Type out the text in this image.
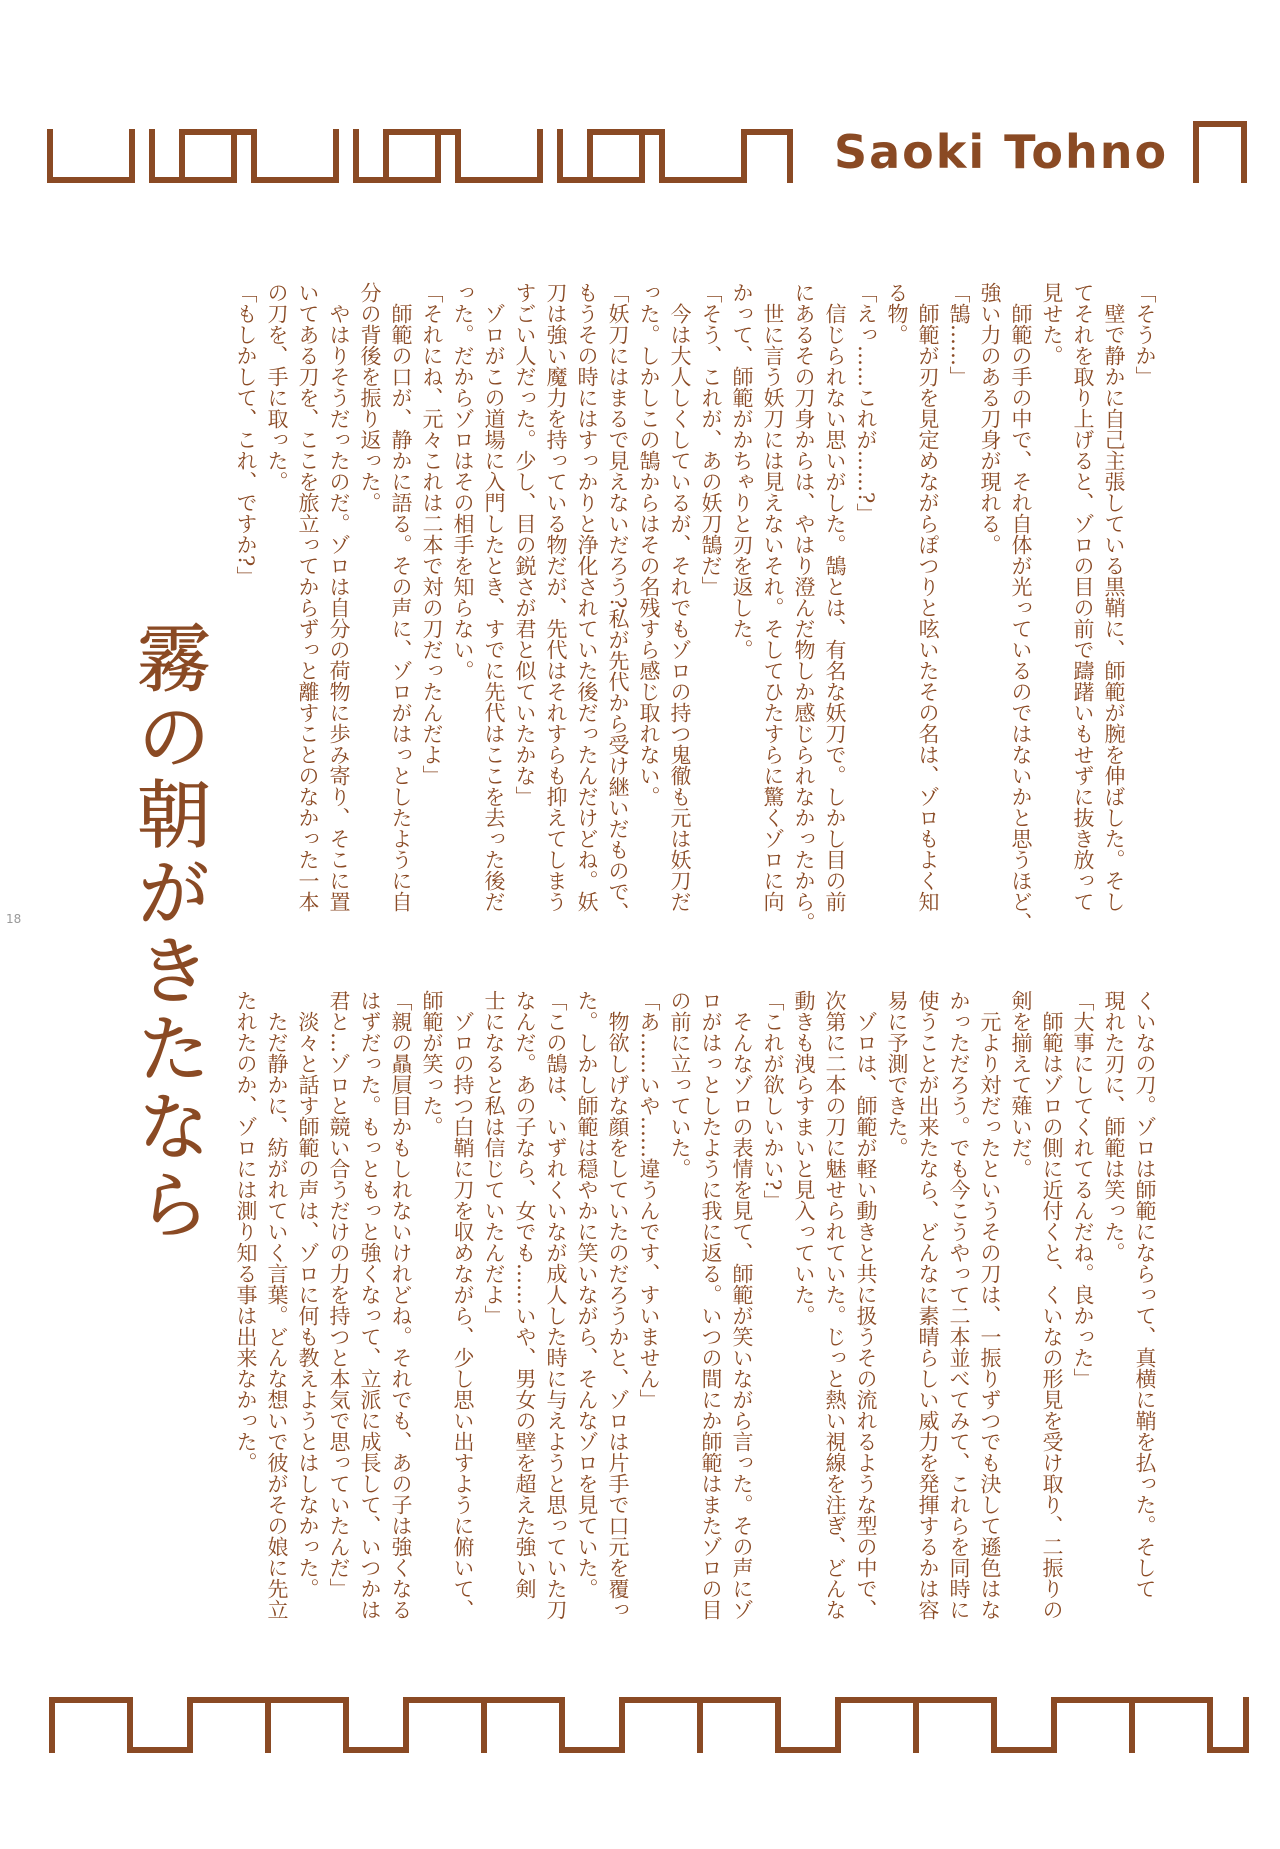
Saoki Tohno
霧の朝がきたなら
18

「そうか」

　壁で静かに自己主張している黒鞘に、師範が腕を伸ばした。そし

てそれを取り上げると、ゾロの目の前で躊躇いもせずに抜き放って

見せた。

　師範の手の中で、それ自体が光っているのではないかと思うほど、

強い力のある刀身が現れる。

「鵠……」

　師範が刃を見定めながらぽつりと呟いたその名は、ゾロもよく知

る物。

「えっ……これが……?」

　信じられない思いがした。鵠とは、有名な妖刀で。しかし目の前

にあるその刀身からは、やはり澄んだ物しか感じられなかったから。

　世に言う妖刀には見えないそれ。そしてひたすらに驚くゾロに向

かって、師範がかちゃりと刃を返した。

「そう、これが、あの妖刀鵠だ」

　今は大人しくしているが、それでもゾロの持つ鬼徹も元は妖刀だ

った。しかしこの鵠からはその名残すら感じ取れない。

「妖刀にはまるで見えないだろう?私が先代から受け継いだもので、

もうその時にはすっかりと浄化されていた後だったんだけどね。妖

刀は強い魔力を持っている物だが、先代はそれすらも抑えてしまう

すごい人だった。少し、目の鋭さが君と似ていたかな」

　ゾロがこの道場に入門したとき、すでに先代はここを去った後だ

った。だからゾロはその相手を知らない。

「それにね、元々これは二本で対の刀だったんだよ」

　師範の口が、静かに語る。その声に、ゾロがはっとしたように自

分の背後を振り返った。

　やはりそうだったのだ。ゾロは自分の荷物に歩み寄り、そこに置

いてある刀を、ここを旅立ってからずっと離すことのなかった一本

の刀を、手に取った。

「もしかして、これ、ですか?」

くいなの刀。ゾロは師範にならって、真横に鞘を払った。そして

現れた刃に、師範は笑った。

「大事にしてくれてるんだね。良かった」

　師範はゾロの側に近付くと、くいなの形見を受け取り、二振りの

剣を揃えて薙いだ。

　元より対だったというその刀は、一振りずつでも決して遜色はな

かっただろう。でも今こうやって二本並べてみて、これらを同時に

使うことが出来たなら、どんなに素晴らしい威力を発揮するかは容

易に予測できた。

　ゾロは、師範が軽い動きと共に扱うその流れるような型の中で、

次第に二本の刀に魅せられていた。じっと熱い視線を注ぎ、どんな

動きも洩らすまいと見入っていた。

「これが欲しいかい?」

　そんなゾロの表情を見て、師範が笑いながら言った。その声にゾ

ロがはっとしたように我に返る。いつの間にか師範はまたゾロの目

の前に立っていた。

「あ……いや……違うんです、すいません」

　物欲しげな顔をしていたのだろうかと、ゾロは片手で口元を覆っ

た。しかし師範は穏やかに笑いながら、そんなゾロを見ていた。

「この鵠は、いずれくいなが成人した時に与えようと思っていた刀

なんだ。あの子なら、女でも……いや、男女の壁を超えた強い剣

士になると私は信じていたんだよ」

　ゾロの持つ白鞘に刀を収めながら、少し思い出すように俯いて、

師範が笑った。

「親の贔屓目かもしれないけれどね。それでも、あの子は強くなる

はずだった。もっともっと強くなって、立派に成長して、いつかは

君と…ゾロと競い合うだけの力を持つと本気で思っていたんだ」

　淡々と話す師範の声は、ゾロに何も教えようとはしなかった。

　ただ静かに、紡がれていく言葉。どんな想いで彼がその娘に先立

たれたのか、ゾロには測り知る事は出来なかった。
